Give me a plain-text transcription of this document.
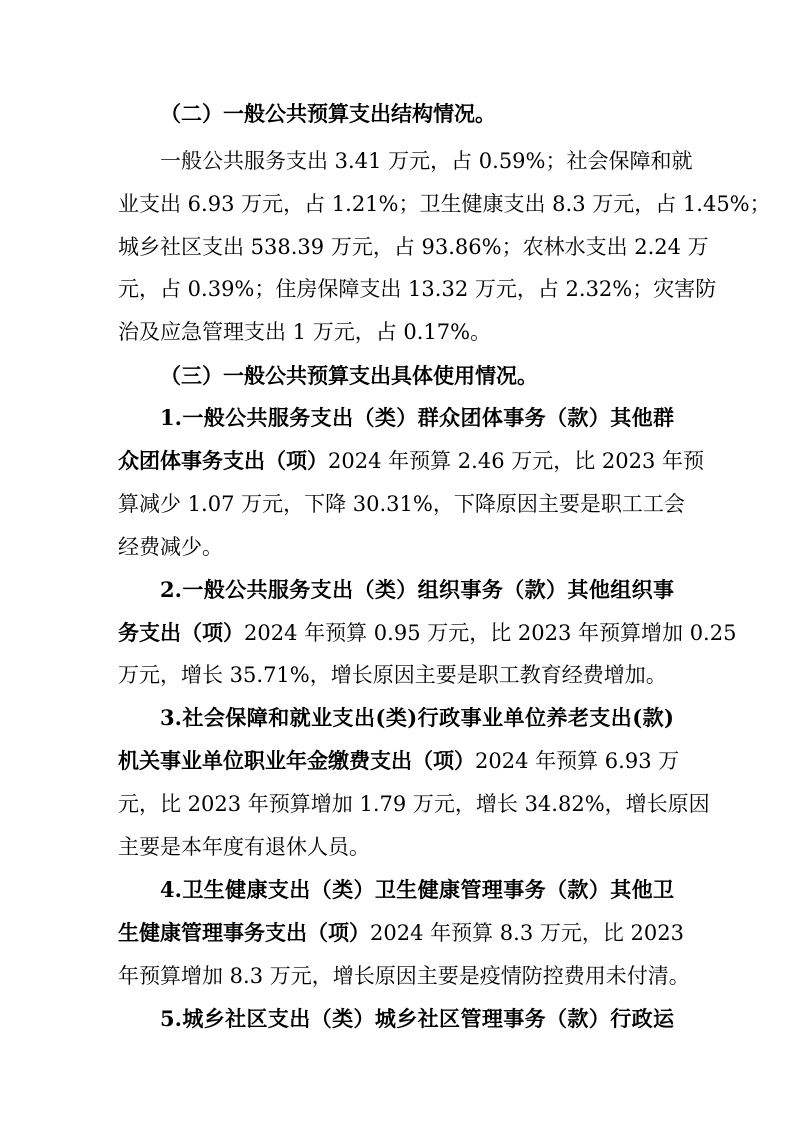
（二）一般公共预算支出结构情况。
一般公共服务支出 3.41 万元，占 0.59%；社会保障和就
业支出 6.93 万元，占 1.21%；卫生健康支出 8.3 万元，占 1.45%；
城乡社区支出 538.39 万元，占 93.86%；农林水支出 2.24 万
元，占 0.39%；住房保障支出 13.32 万元，占 2.32%；灾害防
治及应急管理支出 1 万元，占 0.17%。
（三）一般公共预算支出具体使用情况。
1.一般公共服务支出（类）群众团体事务（款）其他群
众团体事务支出（项）2024 年预算 2.46 万元，比 2023 年预
算减少 1.07 万元，下降 30.31%，下降原因主要是职工工会
经费减少。
2.一般公共服务支出（类）组织事务（款）其他组织事
务支出（项）2024 年预算 0.95 万元，比 2023 年预算增加 0.25
万元，增长 35.71%，增长原因主要是职工教育经费增加。
3.社会保障和就业支出(类)行政事业单位养老支出(款)
机关事业单位职业年金缴费支出（项）2024 年预算 6.93 万
元，比 2023 年预算增加 1.79 万元，增长 34.82%，增长原因
主要是本年度有退休人员。
4.卫生健康支出（类）卫生健康管理事务（款）其他卫
生健康管理事务支出（项）2024 年预算 8.3 万元，比 2023
年预算增加 8.3 万元，增长原因主要是疫情防控费用未付清。
5.城乡社区支出（类）城乡社区管理事务（款）行政运
